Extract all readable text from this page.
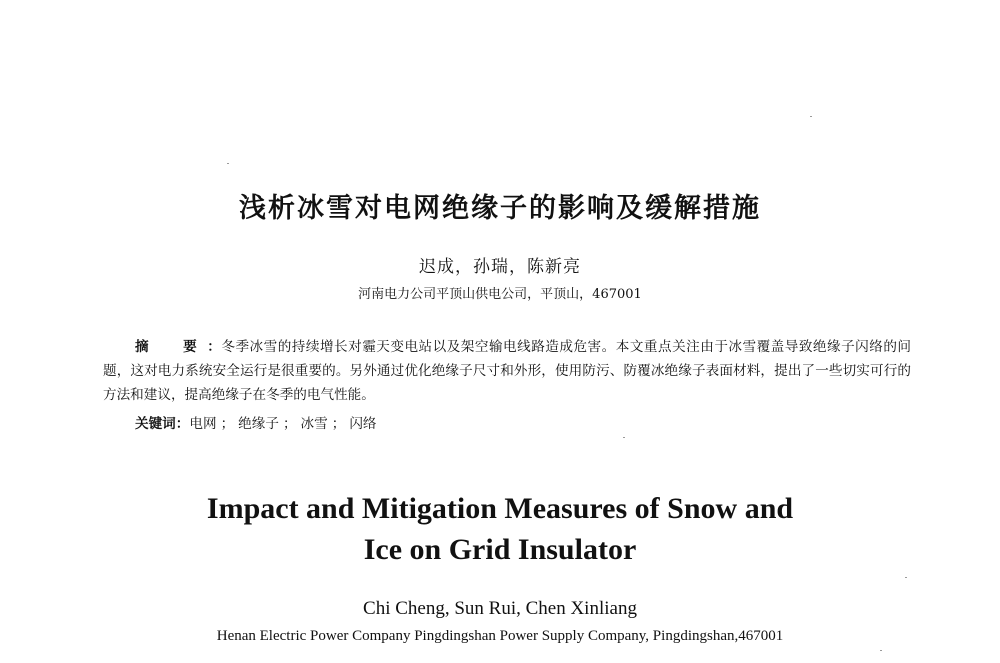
浅析冰雪对电网绝缘子的影响及缓解措施
迟成，孙瑞，陈新亮
河南电力公司平顶山供电公司，平顶山，467001
摘　要：冬季冰雪的持续增长对霾天变电站以及架空输电线路造成危害。本文重点关注由于冰雪覆盖导致绝缘子闪络的问题，这对电力系统安全运行是很重要的。另外通过优化绝缘子尺寸和外形，使用防污、防覆冰绝缘子表面材料，提出了一些切实可行的方法和建议，提高绝缘子在冬季的电气性能。
关键词：电网 ； 绝缘子 ； 冰雪 ； 闪络
Impact and Mitigation Measures of Snow and
Ice on Grid Insulator
Chi Cheng, Sun Rui, Chen Xinliang
Henan Electric Power Company Pingdingshan Power Supply Company, Pingdingshan,467001
